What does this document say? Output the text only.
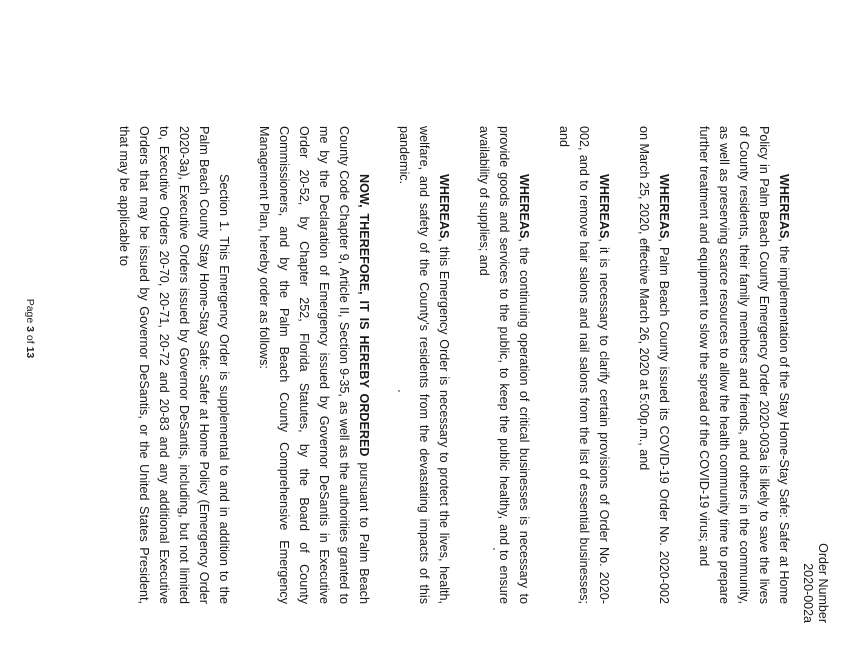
Order Number
2020-002a

WHEREAS, the implementation of the Stay Home-Stay Safe: Safer at Home Policy in Palm Beach County Emergency Order 2020-003a is likely to save the lives of County residents, their family members and friends, and others in the community, as well as preserving scarce resources to allow the health community time to prepare further treatment and equipment to slow the spread of the COVID-19 virus; and

WHEREAS, Palm Beach County issued its COVID-19 Order No. 2020-002 on March 25, 2020, effective March 26, 2020 at 5:00p.m., and

WHEREAS, it is necessary to clarify certain provisions of Order No. 2020-002, and to remove hair salons and nail salons from the list of essential businesses; and

WHEREAS, the continuing operation of critical businesses is necessary to provide goods and services to the public, to keep the public healthy, and to ensure availability of supplies; and

WHEREAS, this Emergency Order is necessary to protect the lives, health, welfare, and safety of the County's residents from the devastating impacts of this pandemic.

NOW, THEREFORE, IT IS HEREBY ORDERED pursuant to Palm Beach County Code Chapter 9, Article II, Section 9-35, as well as the authorities granted to me by the Declaration of Emergency issued by Governor DeSantis in Executive Order 20-52, by Chapter 252, Florida Statutes, by the Board of County Commissioners, and by the Palm Beach County Comprehensive Emergency Management Plan, hereby order as follows:

Section 1. This Emergency Order is supplemental to and in addition to the Palm Beach County Stay Home-Stay Safe: Safer at Home Policy (Emergency Order 2020-3a), Executive Orders issued by Governor DeSantis, including, but not limited to, Executive Orders 20-70, 20-71, 20-72 and 20-83 and any additional Executive Orders that may be issued by Governor DeSantis, or the United States President, that may be applicable to

Page 3 of 13
